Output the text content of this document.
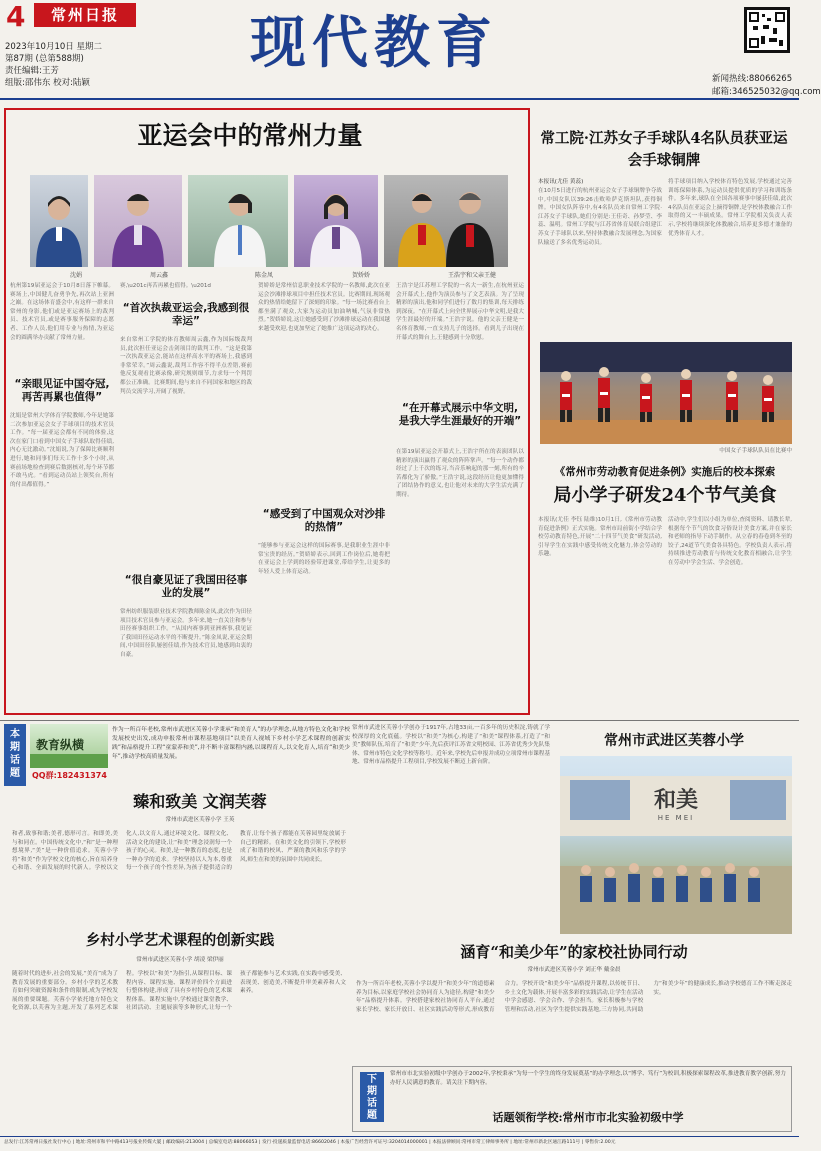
4	常州日报
2023年10月10日 星期二
第87期 (总第588期)
责任编辑:王芳
组版:邵伟东 校对:陆颖
现代教育
新闻热线:88066265
邮箱:346525032@qq.com
亚运会中的常州力量
沈娟	周云鑫	陈金凤	贺娇娇	王浩宇和父亲王健
杭州第19届亚运会于10月8日落下帷幕。赛场上,中国健儿奋勇争先,再次站上亚洲之巅。在这场体育盛会中,有这样一群来自常州的身影,他们或是亚运赛场上的裁判员、技术官员,或是赛事服务保障的志愿者、工作人员,他们用专业与热情,为亚运会的圆满举办贡献了常州力量。
“亲眼见证中国夺冠,再苦再累也值得”
沈娟是常州大学体育学院教师,今年是她第二次参加亚运会女子手球项目的技术官员工作。“每一届亚运会都有不同的体验,这次在家门口看到中国女子手球队取得佳绩,内心无比激动。”沈娟说,为了保障比赛顺利进行,她和同事们每天工作十多个小时,从赛前场地检查到赛后数据核对,每个环节都不敢马虎。“看到运动员站上领奖台,所有的付出都值得。”
赛,\u201c再苦再累也值得。\u201d
“首次执裁亚运会,我感到很幸运”
来自常州工学院的体育教师周云鑫,作为国际级裁判员,此次担任亚运会击剑项目的裁判工作。“这是我第一次执裁亚运会,能站在这样高水平的赛场上,我感到非常荣幸。”周云鑫说,裁判工作容不得半点差错,赛前他反复观看比赛录像,研究规则细节,力求每一个判罚都公正准确。比赛期间,他与来自不同国家和地区的裁判员交流学习,开阔了视野。
“很自豪见证了我国田径事业的发展”
常州纺织服装职业技术学院教师陈金凤,此次作为田径项目技术官员参与亚运会。多年来,她一直关注和参与田径赛事组织工作。“从国内赛事到亚洲赛事,我见证了我国田径运动水平的不断提升。”陈金凤说,亚运会期间,中国田径队屡创佳绩,作为技术官员,她感到由衷的自豪。
贺娇娇是常州信息职业技术学院的一名教师,此次在亚运会沙滩排球项目中担任技术官员。比赛期间,现场观众的热情给她留下了深刻的印象。“每一场比赛看台上都坐满了观众,大家为运动员加油呐喊,气氛非常热烈。”贺娇娇说,这让她感受到了沙滩排球运动在我国越来越受欢迎,也更加坚定了她推广这项运动的决心。
“感受到了中国观众对沙排的热情”
“能够参与亚运会这样的国际赛事,是我职业生涯中非常宝贵的经历。”贺娇娇表示,回到工作岗位后,她将把在亚运会上学到的经验带进课堂,带给学生,让更多的年轻人爱上体育运动。
王浩宇是江苏理工学院的一名大一新生,在杭州亚运会开幕式上,他作为演员参与了文艺表演。为了呈现精彩的演出,他和同学们进行了数月的集训,每天排练到深夜。“在开幕式上向全世界展示中华文明,是我大学生涯最好的开端。”王浩宇说。他的父亲王健是一名体育教师,一直支持儿子的选择。看到儿子出现在开幕式的舞台上,王健感到十分欣慰。
“在开幕式展示中华文明,是我大学生涯最好的开端”
在第19届亚运会开幕式上,王浩宇所在的表演团队以精彩的演出赢得了观众的阵阵掌声。“每一个动作都经过了上千次的练习,当音乐响起的那一刻,所有的辛苦都化为了骄傲。”王浩宇说,这段经历让他更加懂得了团结协作的意义,也让他对未来的大学生活充满了期待。
常工院·江苏女子手球队4名队员获亚运会手球铜牌
本报讯(尤佳 黄蕊)
在10月5日进行的杭州亚运会女子手球铜牌争夺战中,中国女队以39:26击败哈萨克斯坦队,获得铜牌。中国女队阵容中,有4名队员来自常州工学院·江苏女子手球队,她们分别是:王佳奇、孙梦莹、李蕊、温明。常州工学院与江苏省体育局联合组建江苏女子手球队以来,坚持体教融合发展理念,为国家队输送了多名优秀运动员。
将手球项目纳入学校体育特色发展,学校通过完善训练保障体系,为运动员提供优质的学习和训练条件。多年来,球队在全国各项赛事中屡获佳绩,此次4名队员在亚运会上摘得铜牌,是学校体教融合工作取得的又一丰硕成果。常州工学院相关负责人表示,学校将继续深化体教融合,培养更多德才兼备的优秀体育人才。
中国女子手球队队员在比赛中
《常州市劳动教育促进条例》实施后的校本探索
局小学子研发24个节气美食
本报讯(尤佳 李钰 陆维)10月1日,《常州市劳动教育促进条例》正式实施。常州市局前街小学结合学校劳动教育特色,开展“二十四节气美食”研发活动,引导学生在实践中感受传统文化魅力,体会劳动的乐趣。
活动中,学生们以小组为单位,查阅资料、请教长辈,根据每个节气的饮食习俗设计美食方案,并在家长和老师的指导下动手制作。从立春的春卷到冬至的饺子,24道节气美食各具特色。学校负责人表示,将持续推进劳动教育与传统文化教育相融合,让学生在劳动中学会生活、学会创造。
本期话题
教育纵横
QQ群:182431374
作为一所百年老校,常州市武进区芙蓉小学秉承“和美育人”的办学理念,从地方特色文化和学校发展校史出发,成功申报常州市课程基地项目“以美育人视域下乡村小学艺术课程的创新实践”和品格提升工程“童蒙养和美”,并不断丰富课程内涵,以课程育人,以文化育人,培育“和美少年”,推动学校高质量发展。
臻和致美 文润芙蓉
常州市武进区芙蓉小学 王英
和者,致事和谐;美者,德形可言。和即美,美与和同在。中国传统文化中,“和”是一种理想境界,“美”是一种价值追求。芙蓉小学将“和美”作为学校文化的核心,旨在培养身心和谐、全面发展的时代新人。学校以文化人,以文育人,通过环境文化、课程文化、活动文化的建设,让“和美”理念浸润每一个孩子的心灵。和美,是一种教育的态度,也是一种办学的追求。学校坚持以人为本,尊重每一个孩子的个性差异,为孩子提供适合的教育,让每个孩子都能在芙蓉园里绽放属于自己的精彩。在和美文化的引领下,学校形成了和谐的校风、严谨的教风和乐学的学风,师生在和美的氛围中共同成长。
乡村小学艺术课程的创新实践
常州市武进区芙蓉小学 胡凌 梁伊丽
随着时代的进步,社会的发展,“美育”成为了教育发展的重要部分。乡村小学的艺术教育如何突破资源和条件的限制,成为学校发展的重要课题。芙蓉小学依托地方特色文化资源,以芙蓉为主题,开发了系列艺术课程。学校以“和美”为指引,从课程目标、课程内容、课程实施、课程评价四个方面进行整体构建,形成了具有乡村特色的艺术课程体系。课程实施中,学校通过课堂教学、社团活动、主题展演等多种形式,让每一个孩子都能参与艺术实践,在实践中感受美、表现美、创造美,不断提升审美素养和人文素养。
常州市武进区芙蓉小学创办于1917年,占地33亩,一百多年的历史积淀,铸就了学校深厚的文化底蕴。学校以“和美”为核心,构建了“和美”课程体系,打造了“和美”教师队伍,培育了“和美”少年,先后获评江苏省文明校园、江苏省优秀少先队集体、常州市特色文化学校等称号。近年来,学校先后申报并成功立项常州市课程基地、常州市品格提升工程项目,学校发展不断迈上新台阶。
常州市武进区芙蓉小学
和美
HE MEI
涵育“和美少年”的家校社协同行动
常州市武进区芙蓉小学 刘正华 戴金晨
作为一所百年老校,芙蓉小学以提升“和美少年”的道德素养为目标,以家庭学校社会协同育人为途径,构建“和美少年”品格提升体系。学校搭建家校社协同育人平台,通过家长学校、家长开放日、社区实践活动等形式,形成教育合力。学校开设“和美少年”品格提升课程,以传统节日、乡土文化为载体,开展丰富多彩的实践活动,让学生在活动中学会感恩、学会合作、学会担当。家长积极参与学校管理和活动,社区为学生提供实践基地,三方协同,共同助力“和美少年”的健康成长,推动学校德育工作不断走深走实。
下期话题
常州市市北实验初级中学创办于2002年,学校秉承“为每一个学生的终身发展奠基”的办学理念,以“博学、笃行”为校训,积极探索课程改革,推进教育教学创新,努力办好人民满意的教育。请关注下期内容。
话题领衔学校:常州市市北实验初级中学
总发行:江苏常州日报社发行中心 | 地址:常州市和平中路413号报业传媒大厦 | 邮政编码:213004 | 总编室电话:88066053 | 发行·投递质量监督电话:86602046 | 本报广告经营许可证号:3204014000001 | 本报法律顾问:常州市常工律师事务所 | 地址:常州市新北区通江路111号 | 零售价:2.00元
